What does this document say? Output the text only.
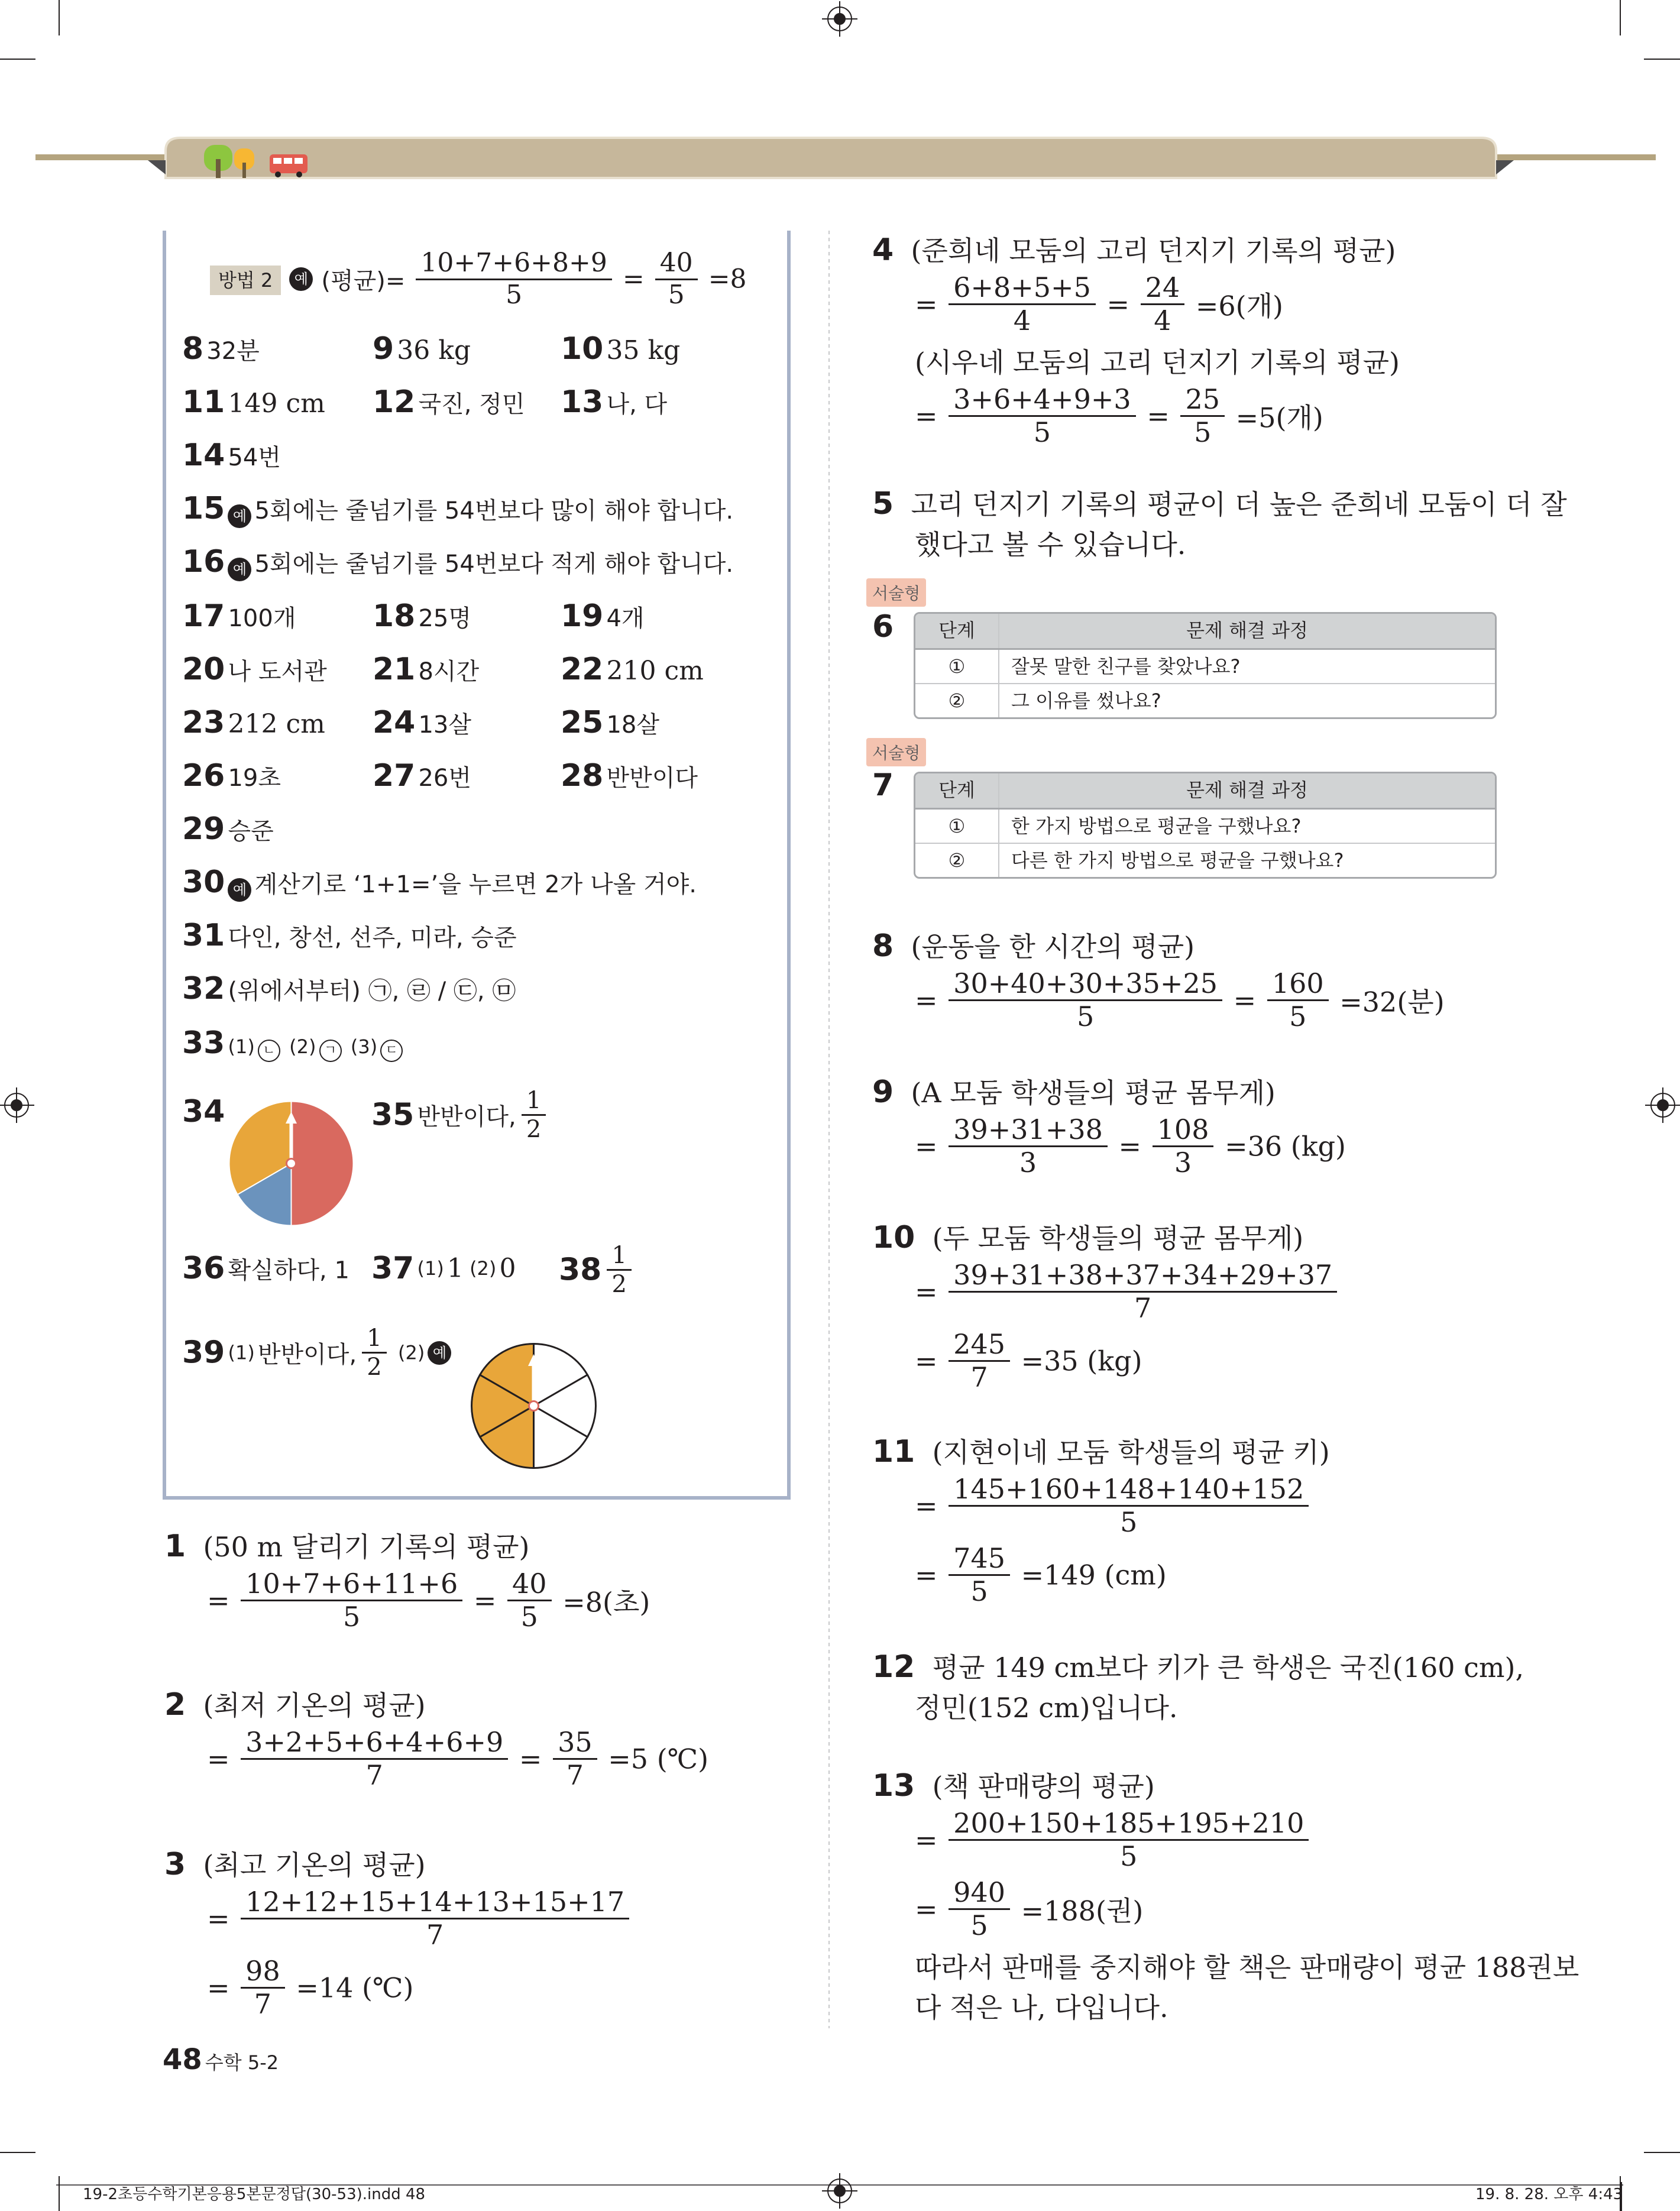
방법 2 예 (평균)= $\frac{10+7+6+8+9}{5} = \frac{40}{5} =8$
8 32분	9 36 kg	10 35 kg
11 149 cm 12 국진, 정민 13 나, 다
14 54번
15 예 5회에는 줄넘기를 54번보다 많이 해야 합니다.
16 예 5회에는 줄넘기를 54번보다 적게 해야 합니다.
17 100개 18 25명	19 4개
20 나 도서관 21 8시간	22 210 cm
23 212 cm 24 13살	25 18살
26 19초	27 26번	28 반반이다
29 승준
30 예 계산기로 ‘1+1=’을 누르면 2가 나올 거야.
31 다인, 창선, 선주, 미라, 승준
32 (위에서부터) ㉠, ㉣ / ㉢, ㉤
33 (1) ㄴ (2) ㄱ (3) ㄷ
34	35 반반이다, $\frac{1}{2}$
36 확실하다, 1 37 (1) 1 (2) 0 $38 \frac{1}{2}$
39 (1) 반반이다, $\frac{1}{2} (2)$ 예
1 (50 m 달리기 기록의 평균)
= $\frac{10+7+6+11+6}{5} = \frac{40}{5} =8$(초)
2 (최저 기온의 평균)
= $\frac{3+2+5+6+4+6+9}{7} = \frac{35}{7} =5$ (℃)
3 (최고 기온의 평균)
= $\frac{12+12+15+14+13+15+17}{7}$
= $\frac{98}{7} =14$ (℃)
48 수학 5-2
4 (준희네 모둠의 고리 던지기 기록의 평균)
= $\frac{6+8+5+5}{4} = \frac{24}{4} =6$(개)
(시우네 모둠의 고리 던지기 기록의 평균)
= $\frac{3+6+4+9+3}{5} = \frac{25}{5} =5$(개)
5 고리 던지기 기록의 평균이 더 높은 준희네 모둠이 더 잘
했다고 볼 수 있습니다.
서술형
6	단계	문제 해결 과정
①	잘못 말한 친구를 찾았나요?
②	그 이유를 썼나요?
서술형
7	단계	문제 해결 과정
①	한 가지 방법으로 평균을 구했나요?
②	다른 한 가지 방법으로 평균을 구했나요?
8 (운동을 한 시간의 평균)
= $\frac{30+40+30+35+25}{5} = \frac{160}{5} =32$(분)
9 (A 모둠 학생들의 평균 몸무게)
= $\frac{39+31+38}{3} = \frac{108}{3} =36$ (kg)
10 (두 모둠 학생들의 평균 몸무게)
= $\frac{39+31+38+37+34+29+37}{7}$
= $\frac{245}{7} =35$ (kg)
11 (지현이네 모둠 학생들의 평균 키)
= $\frac{145+160+148+140+152}{5}$
= $\frac{745}{5} =149$ (cm)
12 평균 149 cm보다 키가 큰 학생은 국진(160 cm),
정민(152 cm)입니다.
13 (책 판매량의 평균)
= $\frac{200+150+185+195+210}{5}$
= $\frac{940}{5} =188$(권)
따라서 판매를 중지해야 할 책은 판매량이 평균 188권보
다 적은 나, 다입니다.
19-2초등수학기본응용5본문정답(30-53).indd 48	19. 8. 28. 오후 4:43
